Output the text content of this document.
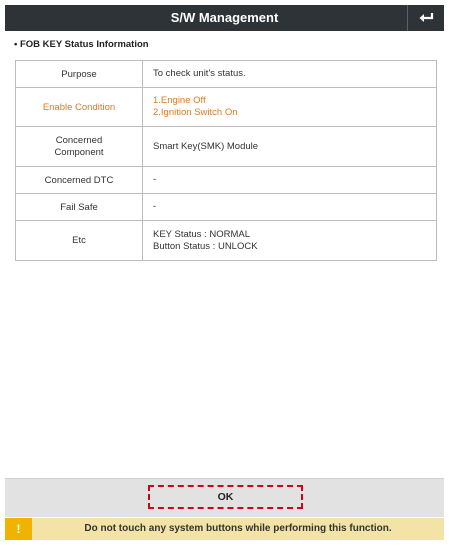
S/W Management
• FOB KEY Status Information
Purpose	To check unit's status.

Enable Condition	1.Engine Off
2.Ignition Switch On

Concerned
Component	Smart Key(SMK) Module

Concerned DTC	-

Fail Safe	-

Etc	KEY Status : NORMAL
Button Status : UNLOCK
OK
!	Do not touch any system buttons while performing this function.
